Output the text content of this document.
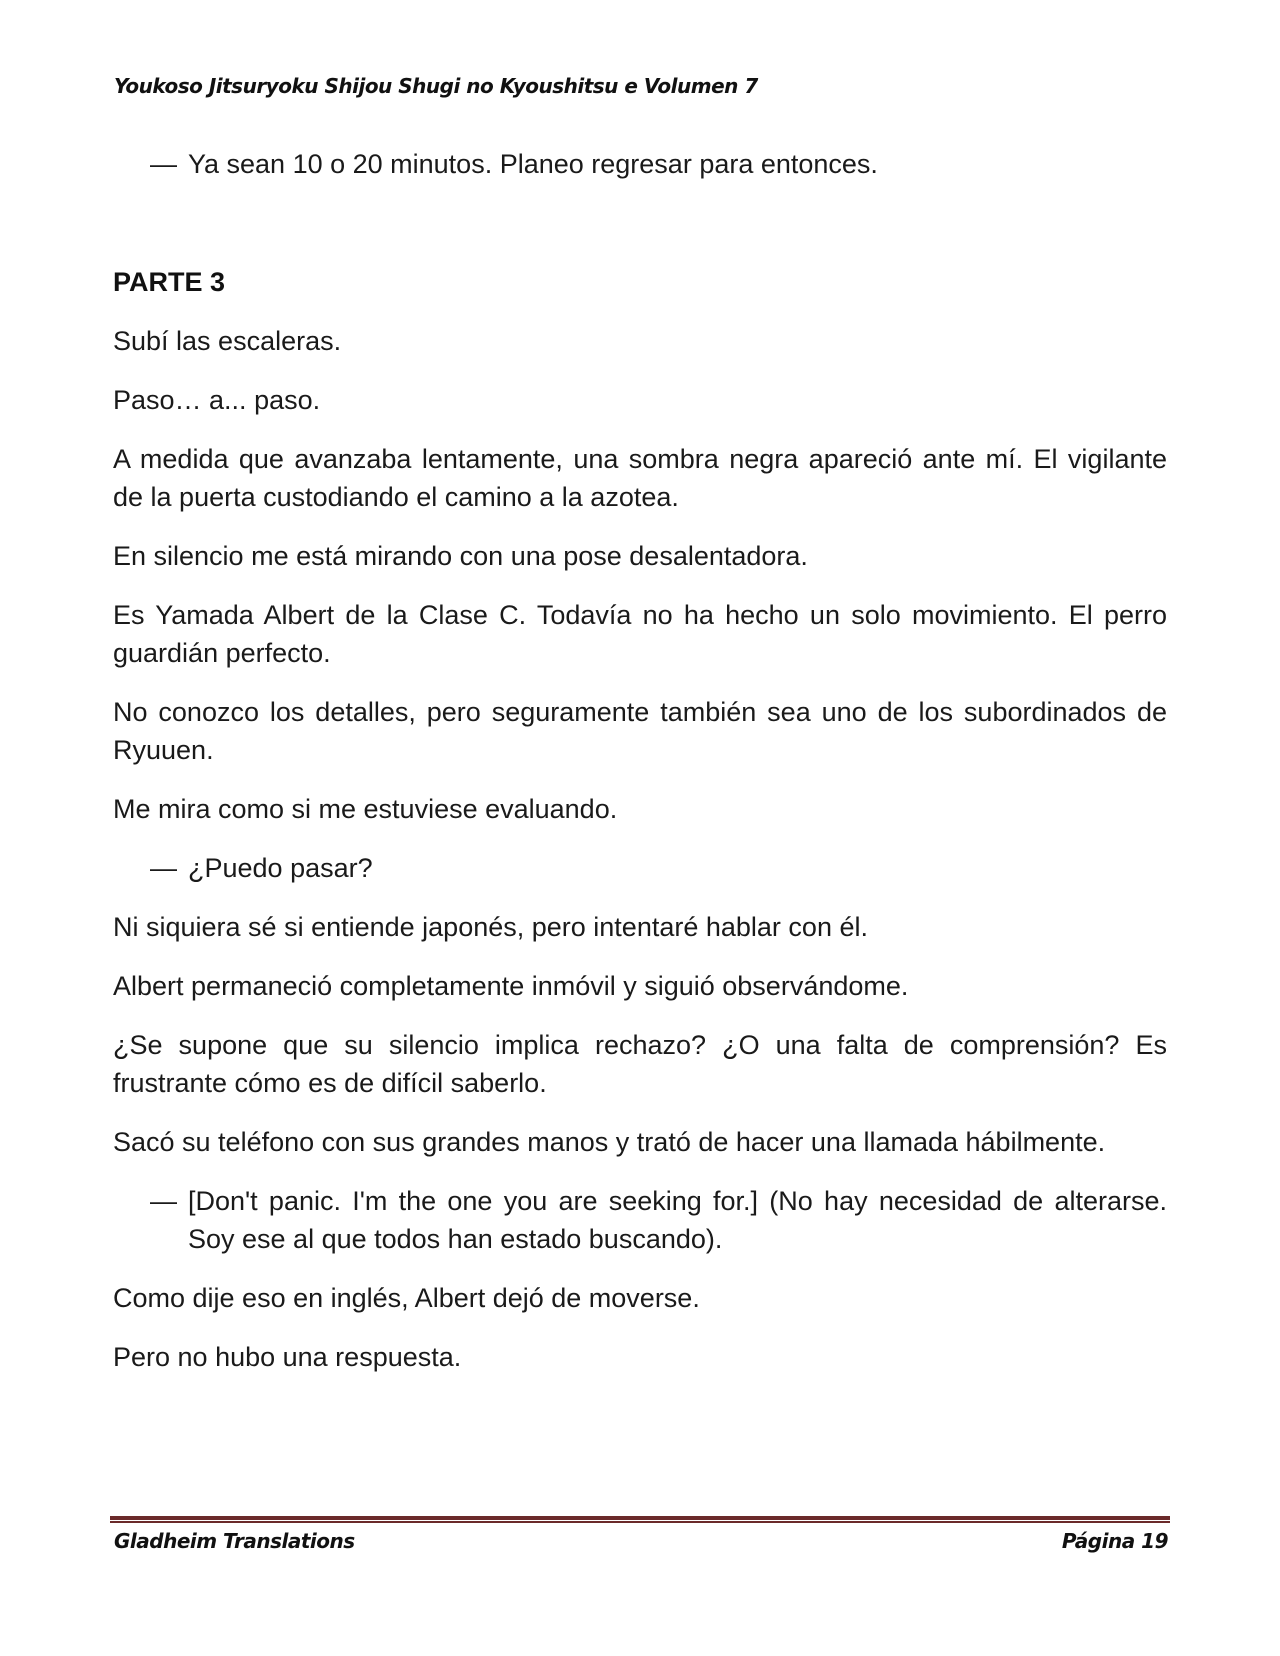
Youkoso Jitsuryoku Shijou Shugi no Kyoushitsu e Volumen 7
— Ya sean 10 o 20 minutos. Planeo regresar para entonces.
PARTE 3

Subí las escaleras.

Paso… a... paso.

A medida que avanzaba lentamente, una sombra negra apareció ante mí. El vigilante de la puerta custodiando el camino a la azotea.

En silencio me está mirando con una pose desalentadora.

Es Yamada Albert de la Clase C. Todavía no ha hecho un solo movimiento. El perro guardián perfecto.

No conozco los detalles, pero seguramente también sea uno de los subordinados de Ryuuen.

Me mira como si me estuviese evaluando.

— ¿Puedo pasar?

Ni siquiera sé si entiende japonés, pero intentaré hablar con él.

Albert permaneció completamente inmóvil y siguió observándome.

¿Se supone que su silencio implica rechazo? ¿O una falta de comprensión? Es frustrante cómo es de difícil saberlo.

Sacó su teléfono con sus grandes manos y trató de hacer una llamada hábilmente.

— [Don't panic. I'm the one you are seeking for.] (No hay necesidad de alterarse. Soy ese al que todos han estado buscando).

Como dije eso en inglés, Albert dejó de moverse.

Pero no hubo una respuesta.

Gladheim Translations	Página 19
